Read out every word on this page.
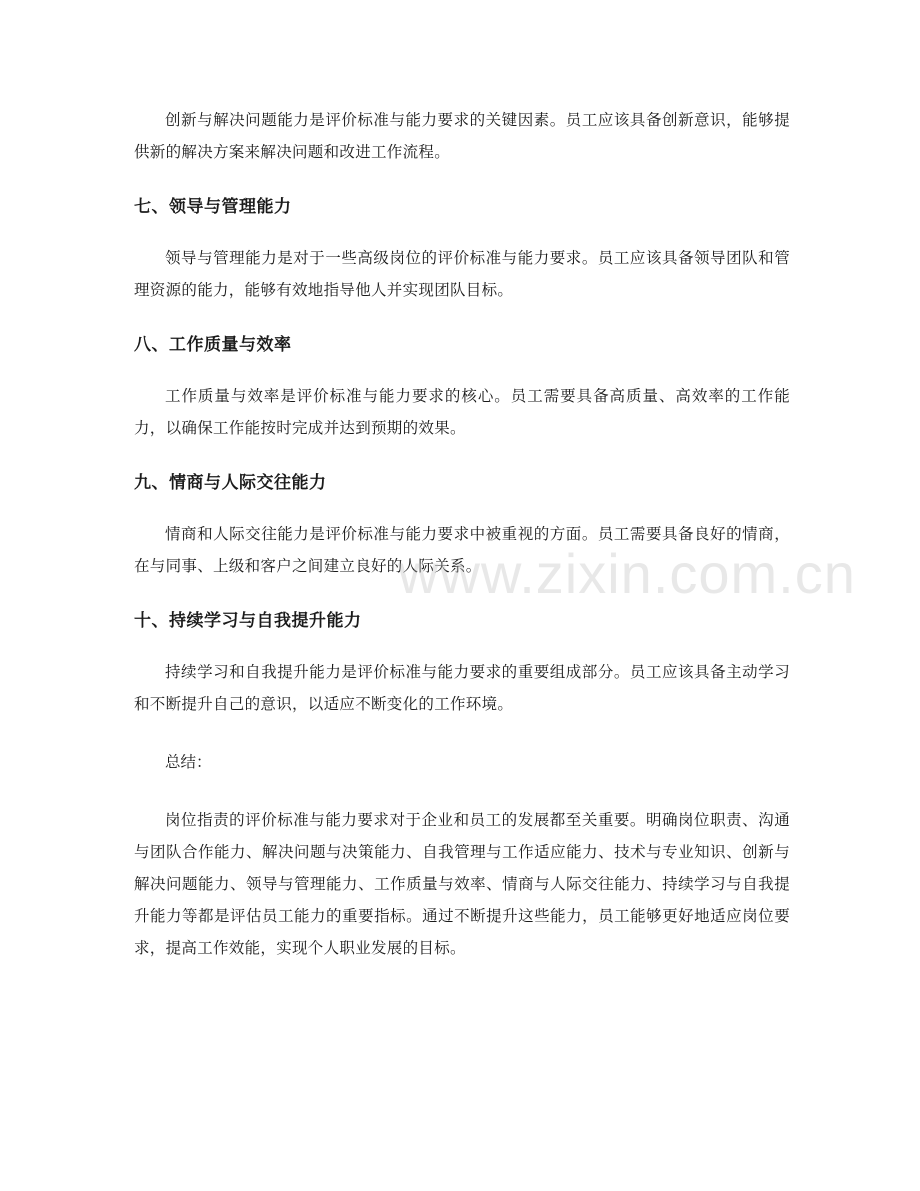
创新与解决问题能力是评价标准与能力要求的关键因素。员工应该具备创新意识，能够提供新的解决方案来解决问题和改进工作流程。

七、领导与管理能力

领导与管理能力是对于一些高级岗位的评价标准与能力要求。员工应该具备领导团队和管理资源的能力，能够有效地指导他人并实现团队目标。

八、工作质量与效率

工作质量与效率是评价标准与能力要求的核心。员工需要具备高质量、高效率的工作能力，以确保工作能按时完成并达到预期的效果。

九、情商与人际交往能力

情商和人际交往能力是评价标准与能力要求中被重视的方面。员工需要具备良好的情商，在与同事、上级和客户之间建立良好的人际关系。

十、持续学习与自我提升能力

持续学习和自我提升能力是评价标准与能力要求的重要组成部分。员工应该具备主动学习和不断提升自己的意识，以适应不断变化的工作环境。

总结：

岗位指责的评价标准与能力要求对于企业和员工的发展都至关重要。明确岗位职责、沟通与团队合作能力、解决问题与决策能力、自我管理与工作适应能力、技术与专业知识、创新与解决问题能力、领导与管理能力、工作质量与效率、情商与人际交往能力、持续学习与自我提升能力等都是评估员工能力的重要指标。通过不断提升这些能力，员工能够更好地适应岗位要求，提高工作效能，实现个人职业发展的目标。

www.zixin.com.cn
